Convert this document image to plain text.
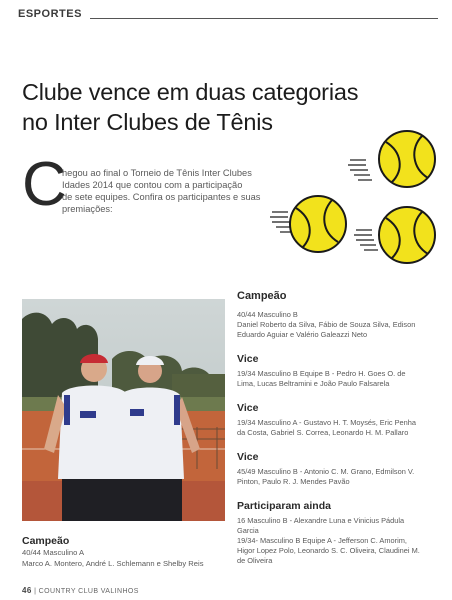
ESPORTES
Clube vence em duas categorias
no Inter Clubes de Tênis
C

hegou ao final o Torneio de Tênis Inter Clubes
Idades 2014 que contou com a participação
de sete equipes. Confira os participantes e suas
premiações:

Campeão
40/44 Masculino A
Marco A. Montero, André L. Schlemann e Shelby Reis
Campeão
40/44 Masculino B
Daniel Roberto da Silva, Fábio de Souza Silva, Edison
Eduardo Aguiar e Valério Galeazzi Neto
Vice
19/34 Masculino B Equipe B - Pedro H. Goes O. de
Lima, Lucas Beltramini e João Paulo Falsarela
Vice
19/34 Masculino A - Gustavo H. T. Moysés, Eric Penha
da Costa, Gabriel S. Correa, Leonardo H. M. Pallaro
Vice
45/49 Masculino B - Antonio C. M. Grano, Edmilson V.
Pinton, Paulo R. J. Mendes Pavão
Participaram ainda
16 Masculino B - Alexandre Luna e Vinicius Pádula
Garcia
19/34- Masculino B Equipe A - Jefferson C. Amorim,
Higor Lopez Polo, Leonardo S. C. Oliveira, Claudinei M.
de Oliveira
46 | COUNTRY CLUB VALINHOS
